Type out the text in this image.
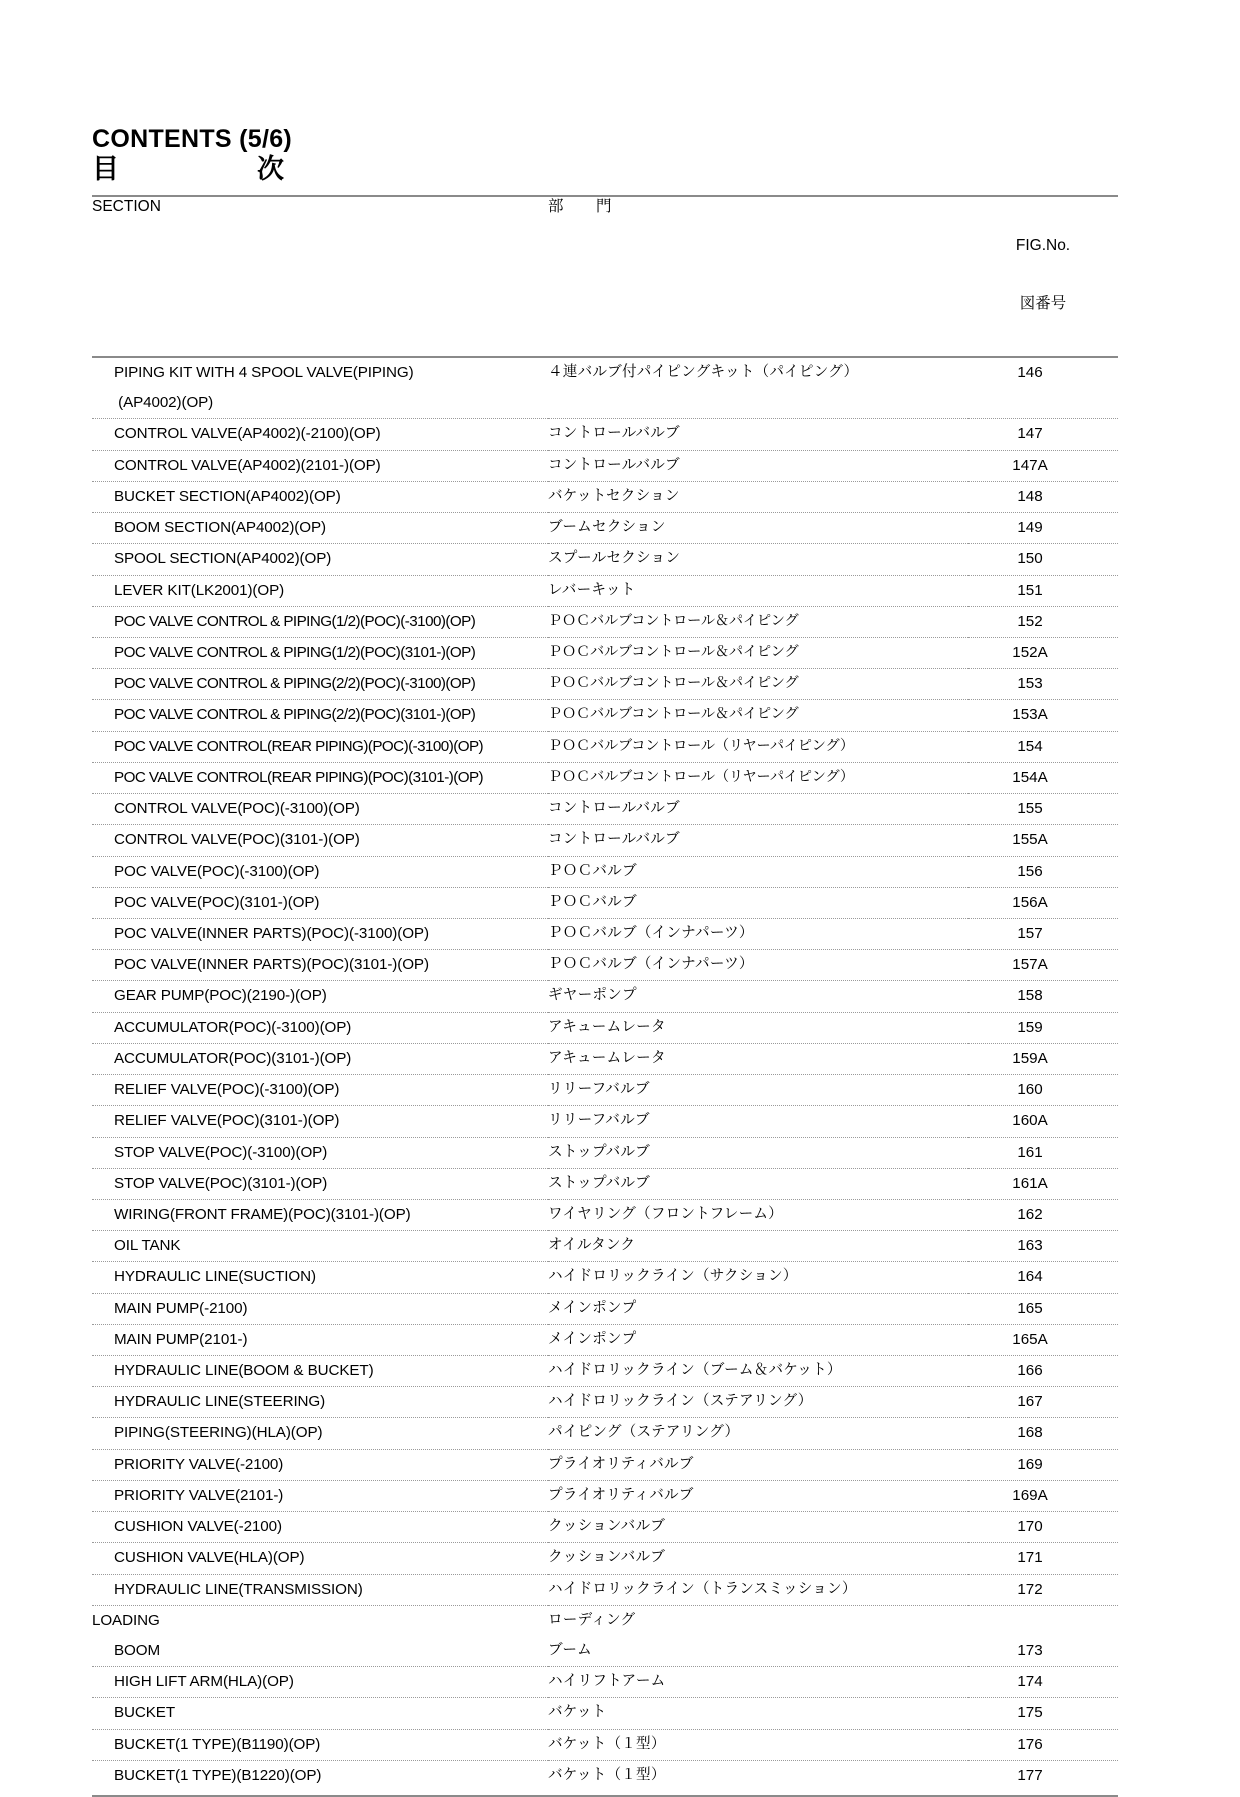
CONTENTS (5/6)
目　　　　　次
SECTION	部　　門	

FIG.No.

図番号

PIPING KIT WITH 4 SPOOL VALVE(PIPING)	４連バルブ付パイピングキット（パイピング）	146
(AP4002)(OP)		
CONTROL VALVE(AP4002)(-2100)(OP)	コントロールバルブ	147
CONTROL VALVE(AP4002)(2101-)(OP)	コントロールバルブ	147A
BUCKET SECTION(AP4002)(OP)	バケットセクション	148
BOOM SECTION(AP4002)(OP)	ブームセクション	149
SPOOL SECTION(AP4002)(OP)	スプールセクション	150
LEVER KIT(LK2001)(OP)	レバーキット	151
POC VALVE CONTROL & PIPING(1/2)(POC)(-3100)(OP)	ＰＯＣバルブコントロール＆パイピング	152
POC VALVE CONTROL & PIPING(1/2)(POC)(3101-)(OP)	ＰＯＣバルブコントロール＆パイピング	152A
POC VALVE CONTROL & PIPING(2/2)(POC)(-3100)(OP)	ＰＯＣバルブコントロール＆パイピング	153
POC VALVE CONTROL & PIPING(2/2)(POC)(3101-)(OP)	ＰＯＣバルブコントロール＆パイピング	153A
POC VALVE CONTROL(REAR PIPING)(POC)(-3100)(OP)	ＰＯＣバルブコントロール（リヤーパイピング）	154
POC VALVE CONTROL(REAR PIPING)(POC)(3101-)(OP)	ＰＯＣバルブコントロール（リヤーパイピング）	154A
CONTROL VALVE(POC)(-3100)(OP)	コントロールバルブ	155
CONTROL VALVE(POC)(3101-)(OP)	コントロールバルブ	155A
POC VALVE(POC)(-3100)(OP)	ＰＯＣバルブ	156
POC VALVE(POC)(3101-)(OP)	ＰＯＣバルブ	156A
POC VALVE(INNER PARTS)(POC)(-3100)(OP)	ＰＯＣバルブ（インナパーツ）	157
POC VALVE(INNER PARTS)(POC)(3101-)(OP)	ＰＯＣバルブ（インナパーツ）	157A
GEAR PUMP(POC)(2190-)(OP)	ギヤーポンプ	158
ACCUMULATOR(POC)(-3100)(OP)	アキュームレータ	159
ACCUMULATOR(POC)(3101-)(OP)	アキュームレータ	159A
RELIEF VALVE(POC)(-3100)(OP)	リリーフバルブ	160
RELIEF VALVE(POC)(3101-)(OP)	リリーフバルブ	160A
STOP VALVE(POC)(-3100)(OP)	ストップバルブ	161
STOP VALVE(POC)(3101-)(OP)	ストップバルブ	161A
WIRING(FRONT FRAME)(POC)(3101-)(OP)	ワイヤリング（フロントフレーム）	162
OIL TANK	オイルタンク	163
HYDRAULIC LINE(SUCTION)	ハイドロリックライン（サクション）	164
MAIN PUMP(-2100)	メインポンプ	165
MAIN PUMP(2101-)	メインポンプ	165A
HYDRAULIC LINE(BOOM & BUCKET)	ハイドロリックライン（ブーム＆バケット）	166
HYDRAULIC LINE(STEERING)	ハイドロリックライン（ステアリング）	167
PIPING(STEERING)(HLA)(OP)	パイピング（ステアリング）	168
PRIORITY VALVE(-2100)	プライオリティバルブ	169
PRIORITY VALVE(2101-)	プライオリティバルブ	169A
CUSHION VALVE(-2100)	クッションバルブ	170
CUSHION VALVE(HLA)(OP)	クッションバルブ	171
HYDRAULIC LINE(TRANSMISSION)	ハイドロリックライン（トランスミッション）	172
LOADING	ローディング	
BOOM	ブーム	173
HIGH LIFT ARM(HLA)(OP)	ハイリフトアーム	174
BUCKET	バケット	175
BUCKET(1 TYPE)(B1190)(OP)	バケット（１型）	176
BUCKET(1 TYPE)(B1220)(OP)	バケット（１型）	177
